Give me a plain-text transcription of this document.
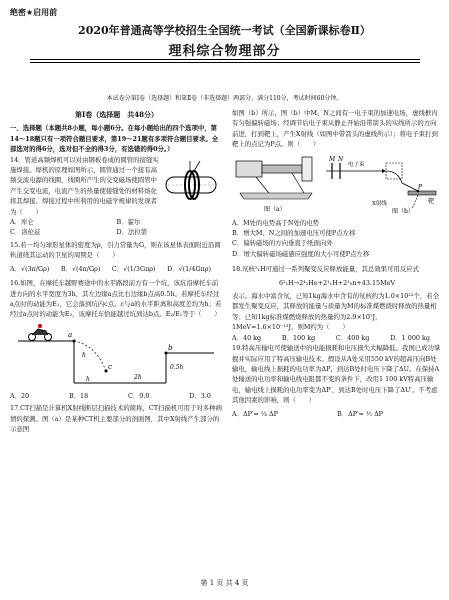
绝密★启用前
2020年普通高等学校招生全国统一考试（全国新课标卷Ⅱ）
理科综合物理部分
本试卷分第Ⅰ卷（选择题）和第Ⅱ卷（非选择题）两部分，满分110分，考试时间60分钟。
第Ⅰ卷（选择题　共48分）

一、选择题（本题共8小题，每小题6分。在每小题给出的四个选项中，第14～18题只有一项符合题目要求，第19～21题有多项符合题目要求。全部选对的得6分，选对但不全的得3分，有选错的得0分。）

14．管道高频焊机可以对由钢板卷成的圆管的接缝实施焊接。焊机的原理如图所示，圆管通过一个接有高频交流电源的线圈，线圈所产生的交变磁场使圆管中产生交变电流，电流产生的热量使接缝处的材料熔化将其焊接。焊接过程中所利用的电磁学规律的发现者为（　　）

A．库仑	B．霍尔
C．洛伦兹	D．法拉第

15.若一均匀球形星体的密度为ρ，引力常量为G，则在该星体表面附近沿圆轨道绕其运动的卫星的周期是（　　）

A．√(3π/Gρ) B．√(4π/Gρ) C．√(1/3Gπρ) D．√(1/4Gπρ)

16.如图，在摩托车越野赛途中的水平路段前方有一个坑，该坑沿摩托车前进方向的水平宽度为3h，其左边缘a点比右边缘b点高0.5h。若摩托车经过a点时的动能为E₁，它会落到坑内c点。c与a的水平距离和高度差均为h；若经过a点时的动能为E₂，该摩托车恰能越过坑到达b点。E₂/E₁等于（　　）

a
c
b
h
h	2h
0.5h
A．20	B．18	C．9.0	D．3.0

17.CT扫描是计算机X射线断层扫描技术的简称，CT扫描机可用于对多种病情的探测。图（a）是某种CT机主要部分的剖面图，其中X射线产生部分的示意图

如图（b）所示，图（b）中M、N之间有一电子束的加速电场，虚线框内有匀强偏转磁场；经调节后电子束从静止开始沿带箭头的实线所示的方向前进，打到靶上，产生X射线（如图中带箭头的虚线所示）；将电子束打到靶上的点记为P点。则（　　）

图（a）
M N
P
靶
电子束
X射线
图（b）

A．M处的电势高于N处的电势

B．增大M、N之间的加速电压可使P点左移

C．偏转磁场的方向垂直于纸面向外

D．增大偏转磁场磁感应强度的大小可使P点左移

18.氘核²₁H可通过一系列聚变反应释放能量，其总效果可用反应式

6²₁H→2⁴₂He+2¹₁H+2¹₀n+43.15MeV

表示。海水中富含氘，已知1kg海水中含有的氘核约为1.0×10²²个，若全都发生聚变反应，其释放的能量与质量为M的标准煤燃烧时释放的热量相等；已知1kg标准煤燃烧释放的热量约为2.9×10⁷J，1MeV=1.6×10⁻¹³J，则M约为（　　）

A．40 kg	B．100 kg	C．400 kg	D．1 000 kg

19.特高压输电可使输送中的电能损耗和电压损失大幅降低。我国已成功掌握并实际应用了特高压输电技术。假设从A处采用550 kV的超高压向B处输电，输电线上损耗的电功率为ΔP，到达B处时电压下降了ΔU。在保持A处输送的电功率和输电线电阻都不变的条件下，改用1 100 kV特高压输电，输电线上损耗的电功率变为ΔP′，到达B处时电压下降了ΔU′。不考虑其他因素的影响，则（　　）

A．ΔP′= ¼ ΔP	B．ΔP′= ½ ΔP
第 1 页 共 4 页
